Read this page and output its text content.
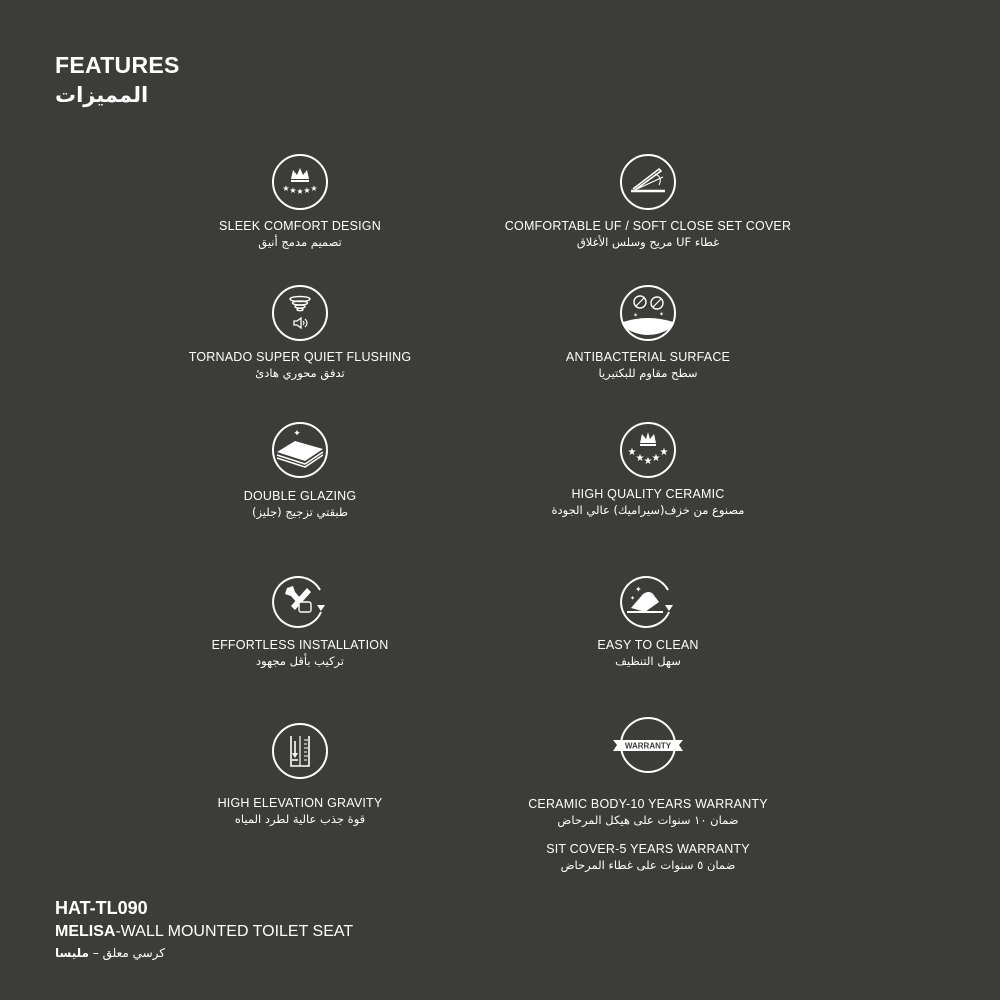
FEATURES
المميزات
★ ★ ★ ★ ★
SLEEK COMFORT DESIGN
تصميم مدمج أنيق
COMFORTABLE UF / SOFT CLOSE SET COVER
غطاء UF مريح وسلس الأغلاق
TORNADO SUPER QUIET FLUSHING
تدفق محوري هادئ
✶	✶
ANTIBACTERIAL SURFACE
سطح مقاوم للبكتيريا
✦
DOUBLE GLAZING
طبقتي تزجيج (جليز)
★
★ ★ ★
★
HIGH QUALITY CERAMIC
مصنوع من خزف(سيراميك) عالي الجودة
EFFORTLESS INSTALLATION
تركيب بأقل مجهود
✦
✦
EASY TO CLEAN
سهل التنظيف
HIGH ELEVATION GRAVITY
قوة جذب عالية لطرد المياه
WARRANTY
CERAMIC BODY-10 YEARS WARRANTY
ضمان ١٠ سنوات على هيكل المرحاض
SIT COVER-5 YEARS WARRANTY
ضمان ٥ سنوات على غطاء المرحاض
HAT-TL090
MELISA-WALL MOUNTED TOILET SEAT
كرسي معلق – مليسا
